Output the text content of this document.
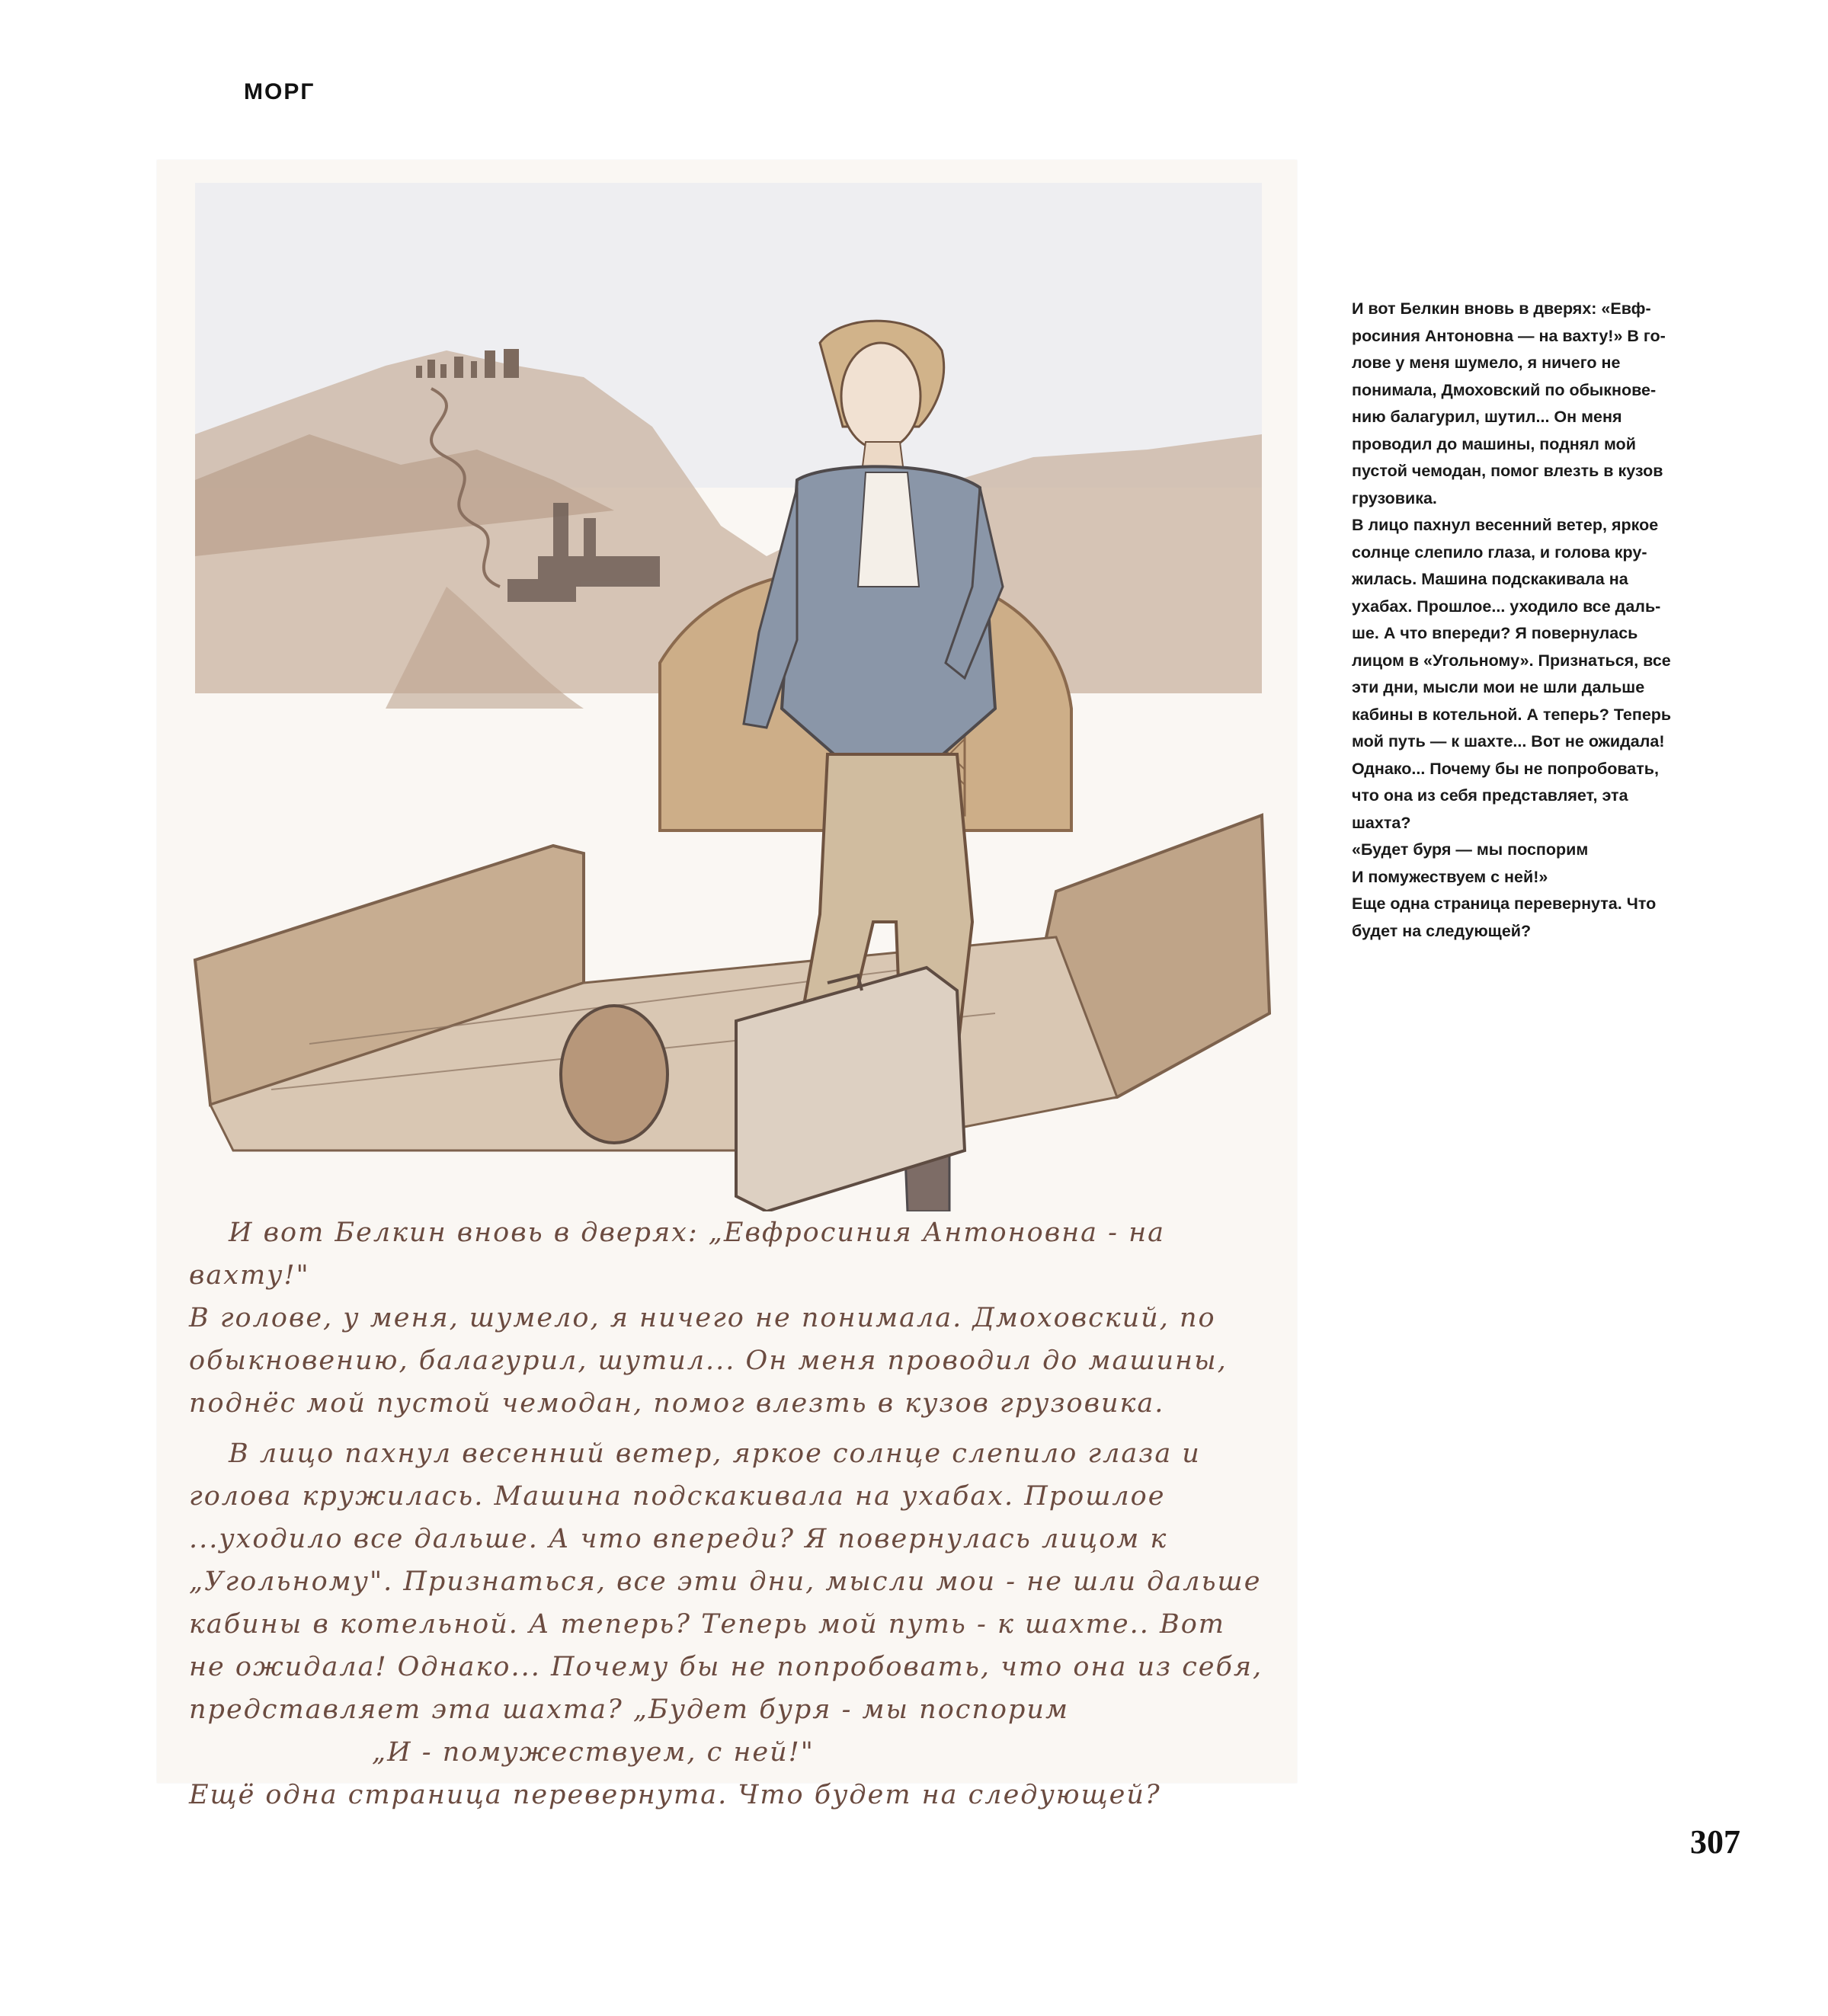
МОРГ

И вот Белкин вновь в дверях: „Евфросиния Антоновна - на вахту!"

В голове, у меня, шумело, я ничего не понимала. Дмоховский, по обыкновению, балагурил, шутил... Он меня проводил до машины, поднёс мой пустой чемодан, помог влезть в кузов грузовика.

В лицо пахнул весенний ветер, яркое солнце слепило глаза и голова кружилась. Машина подскакивала на ухабах. Прошлое ...уходило все дальше. А что впереди? Я повернулась лицом к „Угольному". Признаться, все эти дни, мысли мои - не шли дальше кабины в котельной. А теперь? Теперь мой путь - к шахте.. Вот не ожидала! Однако... Почему бы не попробовать, что она из себя, представляет эта шахта? „Будет буря - мы поспорим

„И - помужествуем, с ней!"

Ещё одна страница перевернута. Что будет на следующей?

И вот Белкин вновь в дверях: «Евф-

росиния Антоновна — на вахту!» В го-

лове у меня шумело, я ничего не

понимала, Дмоховский по обыкнове-

нию балагурил, шутил... Он меня

проводил до машины, поднял мой

пустой чемодан, помог влезть в кузов

грузовика.

В лицо пахнул весенний ветер, яркое

солнце слепило глаза, и голова кру-

жилась. Машина подскакивала на

ухабах. Прошлое... уходило все даль-

ше. А что впереди? Я повернулась

лицом в «Угольному». Признаться, все

эти дни, мысли мои не шли дальше

кабины в котельной. А теперь? Теперь

мой путь — к шахте... Вот не ожидала!

Однако... Почему бы не попробовать,

что она из себя представляет, эта

шахта?

«Будет буря — мы поспорим

И помужествуем с ней!»

Еще одна страница перевернута. Что

будет на следующей?

307
